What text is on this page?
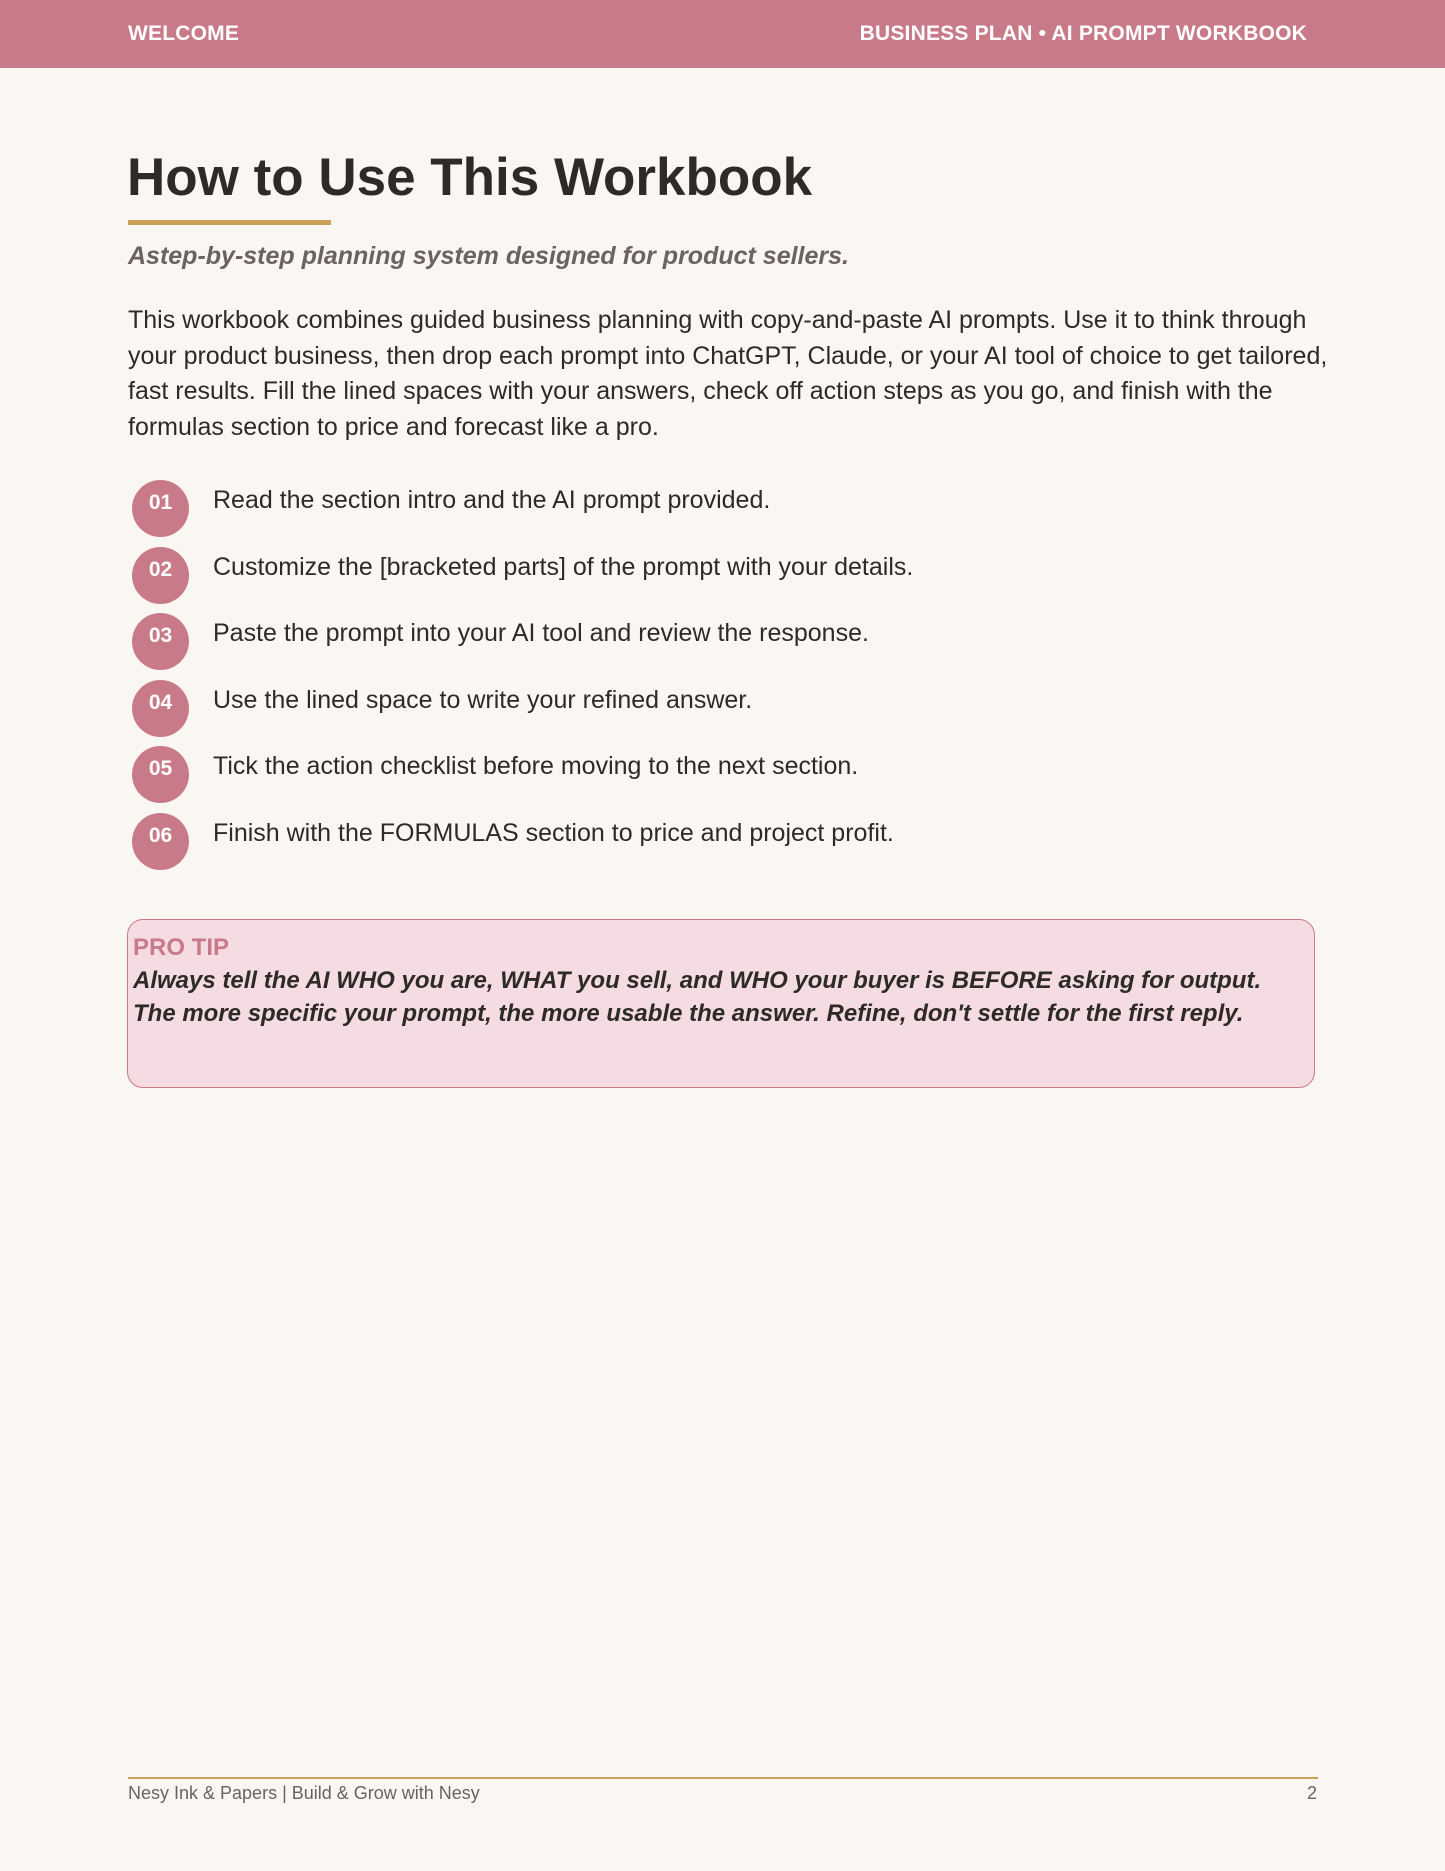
WELCOME	BUSINESS PLAN • AI PROMPT WORKBOOK
How to Use This Workbook
Astep-by-step planning system designed for product sellers.

This workbook combines guided business planning with copy-and-paste AI prompts. Use it to think through your product business, then drop each prompt into ChatGPT, Claude, or your AI tool of choice to get tailored, fast results. Fill the lined spaces with your answers, check off action steps as you go, and finish with the formulas section to price and forecast like a pro.

01	Read the section intro and the AI prompt provided.
02	Customize the [bracketed parts] of the prompt with your details.
03	Paste the prompt into your AI tool and review the response.
04	Use the lined space to write your refined answer.
05	Tick the action checklist before moving to the next section.
06	Finish with the FORMULAS section to price and project profit.
PRO TIP

Always tell the AI WHO you are, WHAT you sell, and WHO your buyer is BEFORE asking for output. The more specific your prompt, the more usable the answer. Refine, don't settle for the first reply.

Nesy Ink & Papers | Build & Grow with Nesy	2
